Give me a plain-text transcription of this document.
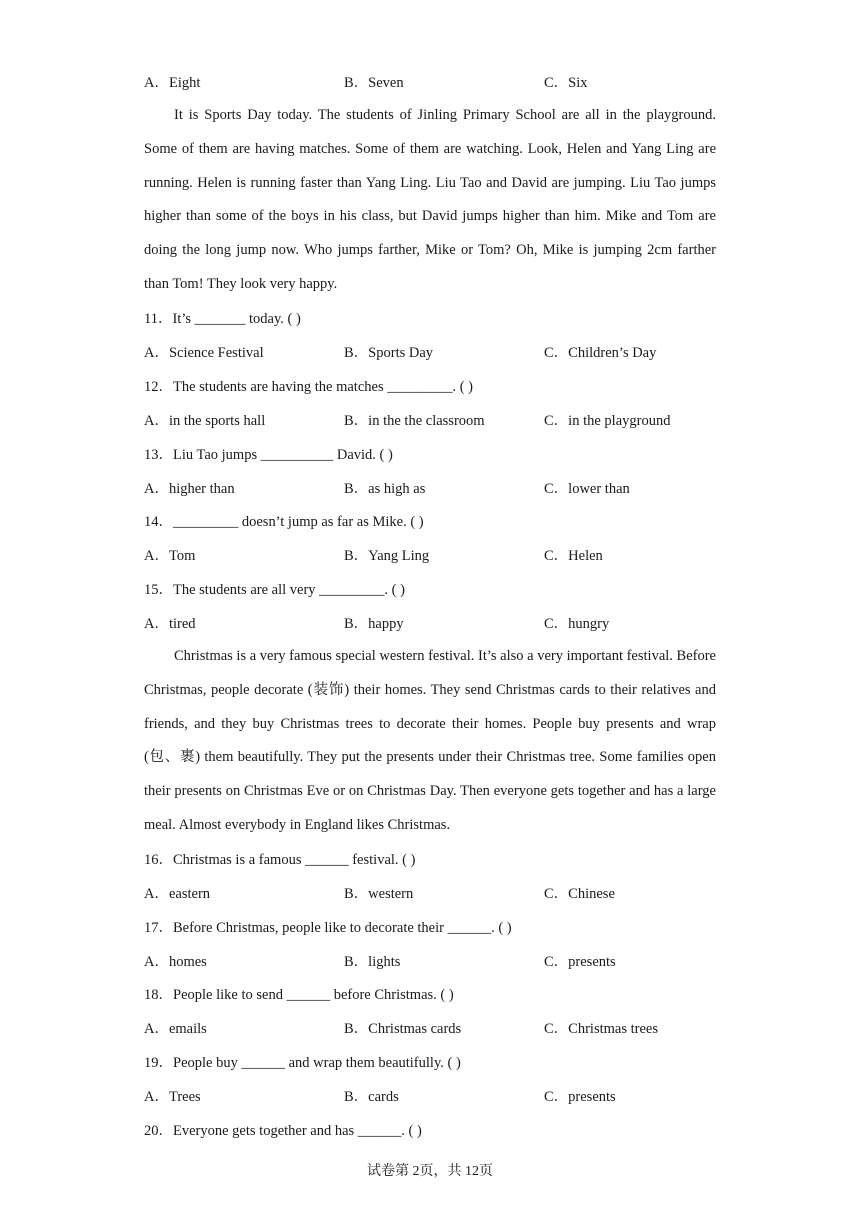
A．Eight	B．Seven	C．Six

It is Sports Day today. The students of Jinling Primary School are all in the playground. Some of them are having matches. Some of them are watching. Look, Helen and Yang Ling are running. Helen is running faster than Yang Ling. Liu Tao and David are jumping. Liu Tao jumps higher than some of the boys in his class, but David jumps higher than him. Mike and Tom are doing the long jump now. Who jumps farther, Mike or Tom? Oh, Mike is jumping 2cm farther than Tom! They look very happy.

11．It’s _______ today. ( )
A．Science Festival	B．Sports Day	C．Children’s Day
12．The students are having the matches _________. ( )
A．in the sports hall	B．in the the classroom	C．in the playground
13．Liu Tao jumps __________ David. ( )
A．higher than	B．as high as	C．lower than
14．_________ doesn’t jump as far as Mike. ( )
A．Tom	B．Yang Ling	C．Helen
15．The students are all very _________. ( )
A．tired	B．happy	C．hungry

Christmas is a very famous special western festival. It’s also a very important festival. Before Christmas, people decorate (装饰) their homes. They send Christmas cards to their relatives and friends, and they buy Christmas trees to decorate their homes. People buy presents and wrap (包、裹) them beautifully. They put the presents under their Christmas tree. Some families open their presents on Christmas Eve or on Christmas Day. Then everyone gets together and has a large meal. Almost everybody in England likes Christmas.

16．Christmas is a famous ______ festival. ( )
A．eastern	B．western	C．Chinese
17．Before Christmas, people like to decorate their ______. ( )
A．homes	B．lights	C．presents
18．People like to send ______ before Christmas. ( )
A．emails	B．Christmas cards	C．Christmas trees
19．People buy ______ and wrap them beautifully. ( )
A．Trees	B．cards	C．presents
20．Everyone gets together and has ______. ( )
试卷第 2页，共 12页
